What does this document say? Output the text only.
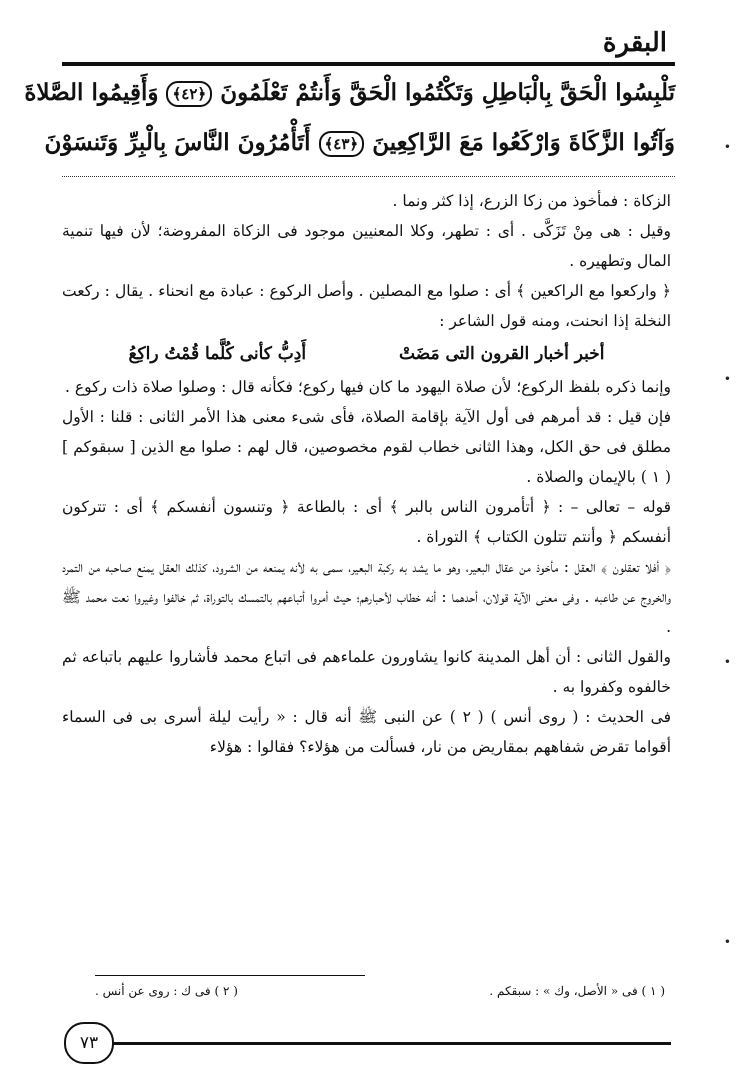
البقرة
تَلْبِسُوا الْحَقَّ بِالْبَاطِلِ وَتَكْتُمُوا الْحَقَّ وَأَنتُمْ تَعْلَمُونَ ﴿٤٢﴾ وَأَقِيمُوا الصَّلاةَ
وَآتُوا الزَّكَاةَ وَارْكَعُوا مَعَ الرَّاكِعِينَ ﴿٤٣﴾ أَتَأْمُرُونَ النَّاسَ بِالْبِرِّ وَتَنسَوْنَ

الزكاة : فمأخوذ من زكا الزرع، إذا كثر ونما .

وقيل : هى مِنْ تَزَكَّى . أى : تطهر، وكلا المعنيين موجود فى الزكاة المفروضة؛ لأن فيها تنمية المال وتطهيره .

﴿ واركعوا مع الراكعين ﴾ أى : صلوا مع المصلين . وأصل الركوع : عبادة مع انحناء . يقال : ركعت النخلة إذا انحنت، ومنه قول الشاعر :

أخبر أخبار القرون التى مَضَتْ
أَدِبُّ كأنى كُلَّما قُمْتُ راكِعُ

وإنما ذكره بلفظ الركوع؛ لأن صلاة اليهود ما كان فيها ركوع؛ فكأنه قال : وصلوا صلاة ذات ركوع .

فإن قيل : قد أمرهم فى أول الآية بإقامة الصلاة، فأى شىء معنى هذا الأمر الثانى : قلنا : الأول مطلق فى حق الكل، وهذا الثانى خطاب لقوم مخصوصين، قال لهم : صلوا مع الذين [ سبقوكم ] ( ١ ) بالإيمان والصلاة .

قوله – تعالى – : ﴿ أتأمرون الناس بالبر ﴾ أى : بالطاعة ﴿ وتنسون أنفسكم ﴾ أى : تتركون أنفسكم ﴿ وأنتم تتلون الكتاب ﴾ التوراة .

﴿ أفلا تعقلون ﴾ العقل : مأخوذ من عقال البعير، وهو ما يشد به ركبة البعير، سمى به لأنه يمنعه من الشرود، كذلك العقل يمنع صاحبه من التمرد والخروج عن طاعبه . وفى معنى الآية قولان، أحدهما : أنه خطاب لأحبارهم؛ حيث أمروا أتباعهم بالتمسك بالتوراة، ثم خالفوا وغيروا نعت محمد ﷺ .

والقول الثانى : أن أهل المدينة كانوا يشاورون علماءهم فى اتباع محمد فأشاروا عليهم باتباعه ثم خالفوه وكفروا به .

فى الحديث : ( روى أنس ) ( ٢ ) عن النبى ﷺ أنه قال : « رأيت ليلة أسرى بى فى السماء أقواما تقرض شفاههم بمقاريض من نار، فسألت من هؤلاء؟ فقالوا : هؤلاء

( ١ ) فى « الأصل، وك » : سبقكم .
( ٢ ) فى ك : روى عن أنس .
٧٣
•
•
•
•
